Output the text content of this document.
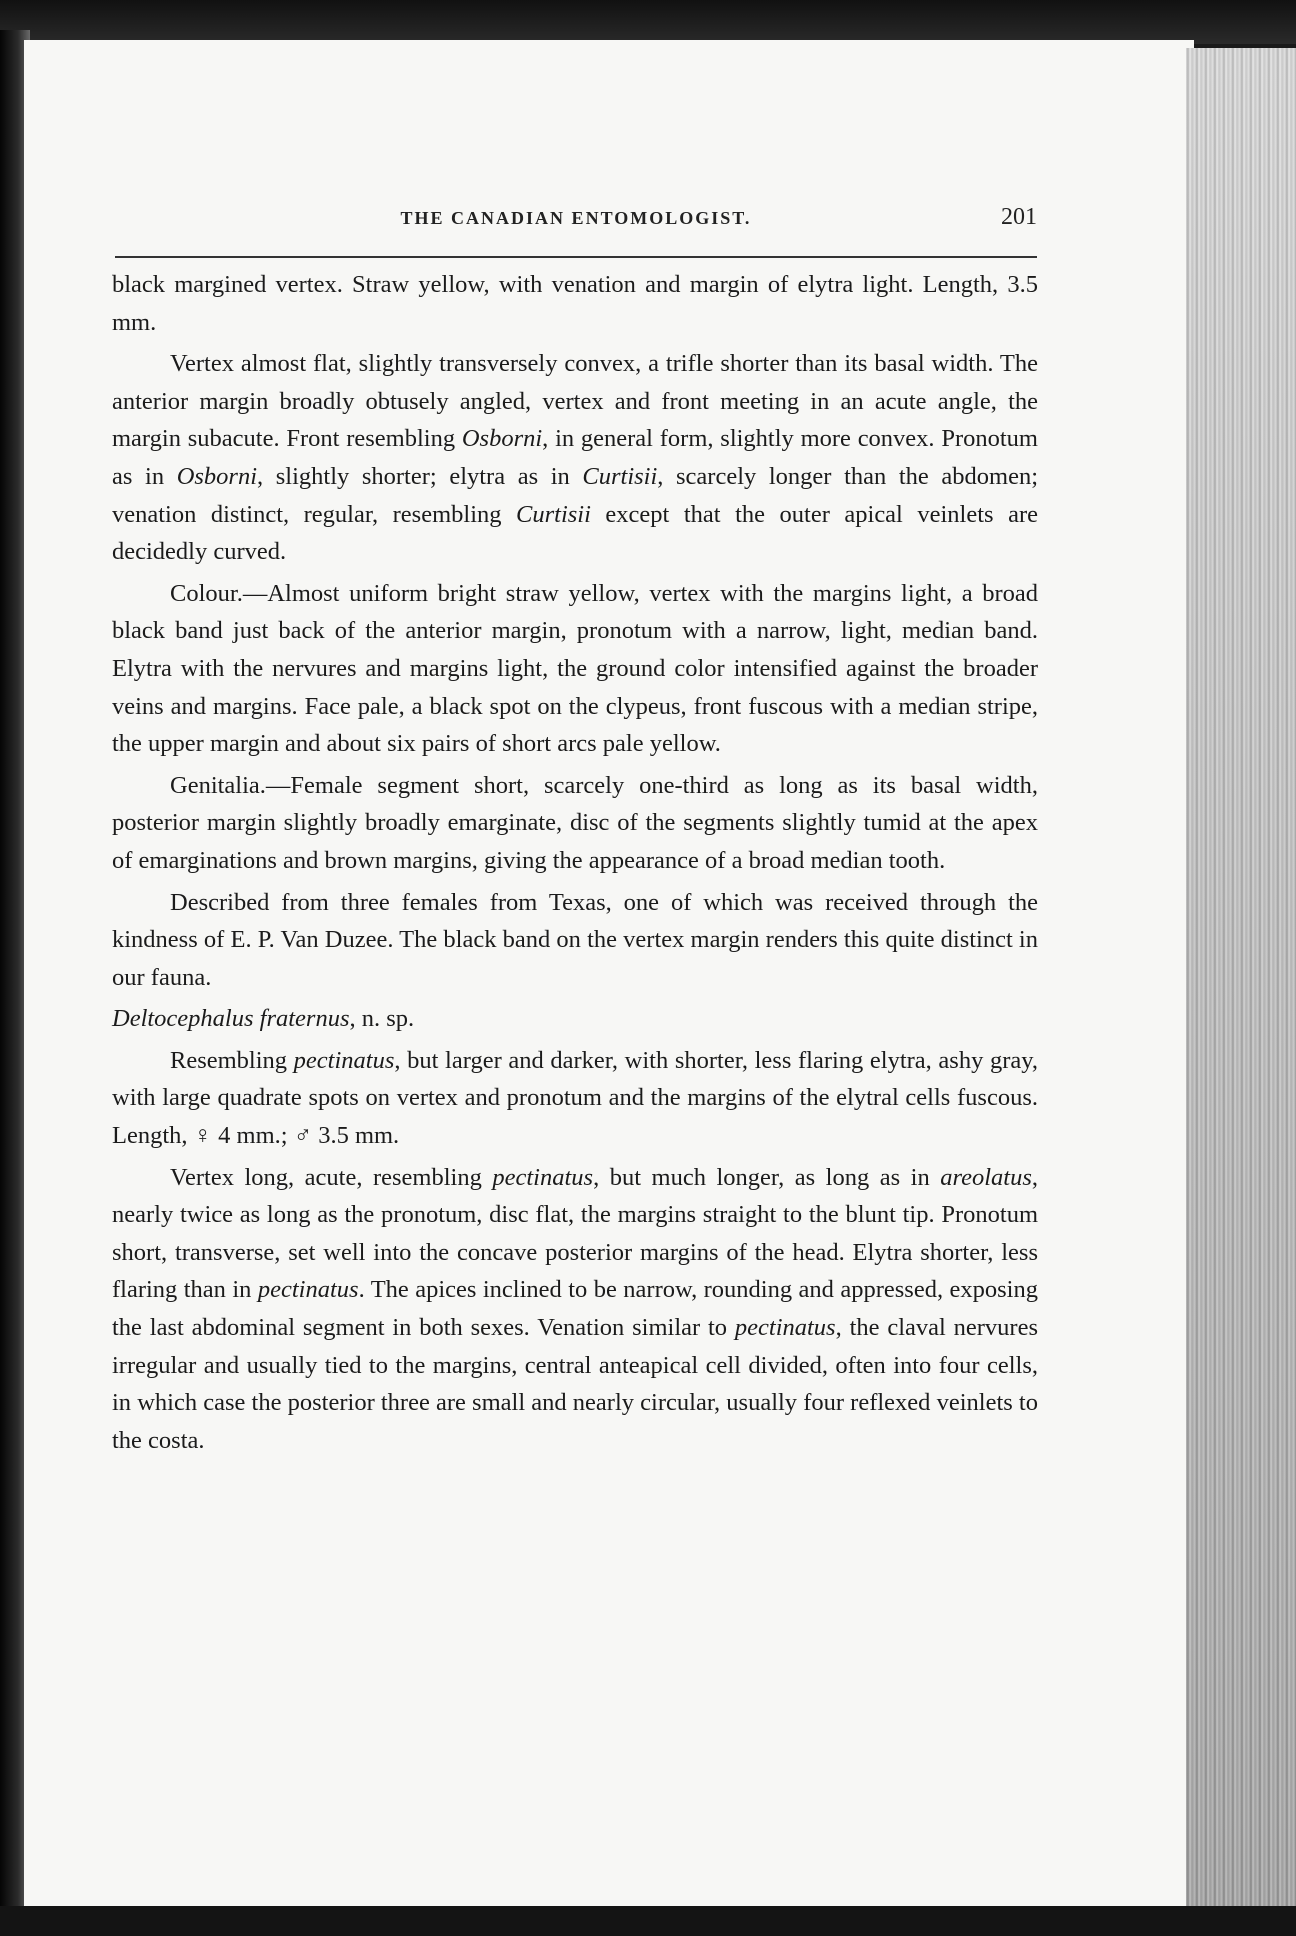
THE CANADIAN ENTOMOLOGIST.	201

black margined vertex. Straw yellow, with venation and margin of elytra light. Length, 3.5 mm.

Vertex almost flat, slightly transversely convex, a trifle shorter than its basal width. The anterior margin broadly obtusely angled, vertex and front meeting in an acute angle, the margin subacute. Front resembling Osborni, in general form, slightly more convex. Pronotum as in Osborni, slightly shorter; elytra as in Curtisii, scarcely longer than the abdomen; venation distinct, regular, resembling Curtisii except that the outer apical veinlets are decidedly curved.

Colour.—Almost uniform bright straw yellow, vertex with the margins light, a broad black band just back of the anterior margin, pronotum with a narrow, light, median band. Elytra with the nervures and margins light, the ground color intensified against the broader veins and margins. Face pale, a black spot on the clypeus, front fuscous with a median stripe, the upper margin and about six pairs of short arcs pale yellow.

Genitalia.—Female segment short, scarcely one-third as long as its basal width, posterior margin slightly broadly emarginate, disc of the segments slightly tumid at the apex of emarginations and brown margins, giving the appearance of a broad median tooth.

Described from three females from Texas, one of which was received through the kindness of E. P. Van Duzee. The black band on the vertex margin renders this quite distinct in our fauna.

Deltocephalus fraternus, n. sp.

Resembling pectinatus, but larger and darker, with shorter, less flaring elytra, ashy gray, with large quadrate spots on vertex and pronotum and the margins of the elytral cells fuscous. Length, ♀ 4 mm.; ♂ 3.5 mm.

Vertex long, acute, resembling pectinatus, but much longer, as long as in areolatus, nearly twice as long as the pronotum, disc flat, the margins straight to the blunt tip. Pronotum short, transverse, set well into the concave posterior margins of the head. Elytra shorter, less flaring than in pectinatus. The apices inclined to be narrow, rounding and appressed, exposing the last abdominal segment in both sexes. Venation similar to pectinatus, the claval nervures irregular and usually tied to the margins, central anteapical cell divided, often into four cells, in which case the posterior three are small and nearly circular, usually four reflexed veinlets to the costa.
